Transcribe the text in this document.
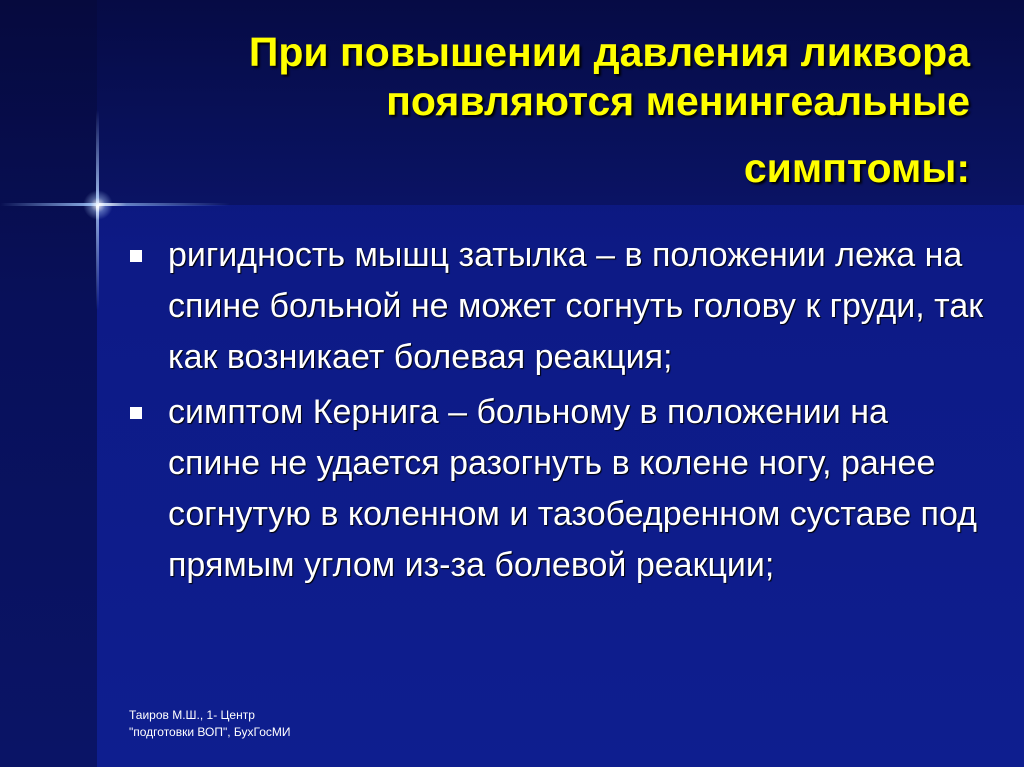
При повышении давления ликвора
появляются менингеальные
симптомы:
ригидность мышц затылка – в положении лежа на спине больной не может согнуть голову к груди, так как возникает болевая реакция;
симптом Кернига – больному в положении на спине не удается разогнуть в колене ногу, ранее согнутую в коленном и тазобедренном суставе под прямым углом из-за болевой реакции;
Таиров М.Ш., 1- Центр
"подготовки ВОП", БухГосМИ
